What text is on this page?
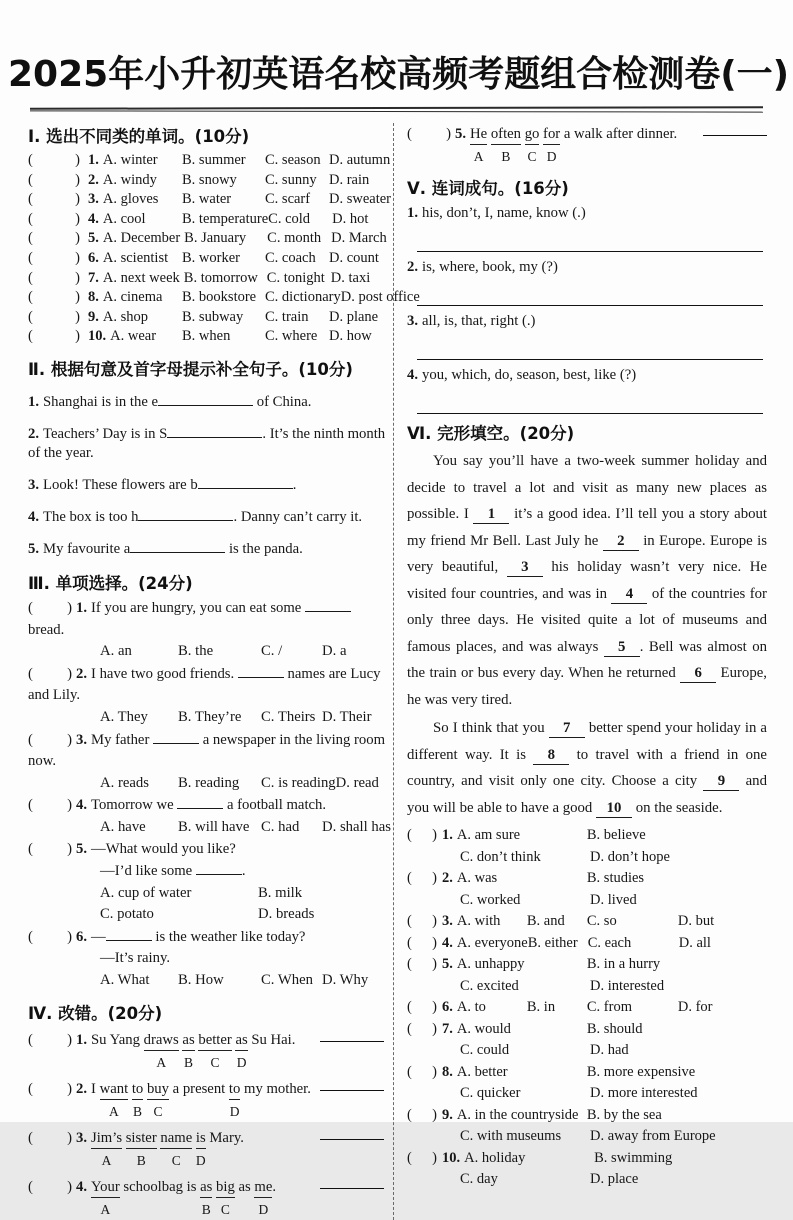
2025年小升初英语名校高频考题组合检测卷(一)
Ⅰ. 选出不同类的单词。(10分)
(	) 1. A. winter B. summer C. season D. autumn
(	) 2. A. windy B. snowy C. sunny D. rain
(	) 3. A. gloves B. water C. scarf D. sweater
(	) 4. A. cool	B. temperatureC. cold D. hot
(	) 5. A. December B. January C. month D. March
(	) 6. A. scientist B. worker C. coach D. count
(	) 7. A. next week B. tomorrow C. tonight D. taxi
(	) 8. A. cinema B. bookstore C. dictionaryD. post office
(	) 9. A. shop B. subway C. train D. plane
(	) 10. A. wear B. when C. where D. how
Ⅱ. 根据句意及首字母提示补全句子。(10分)
1. Shanghai is in the e	of China.
2. Teachers’ Day is in S	. It’s the ninth month of the year.
3. Look! These flowers are b	.
4. The box is too h	. Danny can’t carry it.
5. My favourite a	is the panda.
Ⅲ. 单项选择。(24分)
( ) 1. If you are hungry, you can eat some  bread.
A. an	B. the	C. /	D. a
( ) 2. I have two good friends.	names are Lucy and Lily.
A. They B. They’re C. Theirs D. Their
( ) 3. My father	a newspaper in the living room now.
A. reads B. reading C. is readingD. read
( ) 4. Tomorrow we	a football match.
A. have B. will have C. had D. shall has
( ) 5. —What would you like?
—I’d like some	.
A. cup of water	B. milk
C. potato	D. breads
( ) 6. —	is the weather like today?
—It’s rainy.
A. What B. How	C. When D. Why
Ⅳ. 改错。(20分)
( ) 1. Su Yang draws
A
as
B
better
C
as
D
Su Hai.
( ) 2. I want
A
to
B
buy
C
a present to
D
my mother.
( ) 3. Jim’s
A
sister
B
name
C
is
D
Mary.
( ) 4. Your
A
schoolbag is as
B
big
C
as me
D
.
( ) 5. He
A
often
B
go
C
for
D
a walk after dinner.
Ⅴ. 连词成句。(16分)
1. his, don’t, I, name, know (.)
2. is, where, book, my (?)
3. all, is, that, right (.)
4. you, which, do, season, best, like (?)
Ⅵ. 完形填空。(20分)
You say you’ll have a two-week summer holiday and decide to travel a lot and visit as many new places as possible. I 1 it’s a good idea. I’ll tell you a story about my friend Mr Bell. Last July he 2 in Europe. Europe is very beautiful, 3 his holiday wasn’t very nice. He visited four countries, and was in 4 of the countries for only three days. He visited quite a lot of museums and famous places, and was always 5 . Bell was almost on the train or bus every day. When he returned 6 Europe, he was very tired.
So I think that you 7 better spend your holiday in a different way. It is 8 to travel with a friend in one country, and visit only one city. Choose a city 9 and you will be able to have a good 10 on the seaside.
( ) 1. A. am sure	B. believe
C. don’t think	D. don’t hope
( ) 2. A. was	B. studies
C. worked	D. lived
( ) 3. A. with B. and C. so	D. but
( ) 4. A. everyoneB. either C. each	D. all
( ) 5. A. unhappy	B. in a hurry
C. excited	D. interested
( ) 6. A. to	B. in C. from	D. for
( ) 7. A. would	B. should
C. could	D. had
( ) 8. A. better	B. more expensive
C. quicker	D. more interested
( ) 9. A. in the countryside B. by the sea
C. with museums D. away from Europe
( ) 10. A. holiday	B. swimming
C. day	D. place
